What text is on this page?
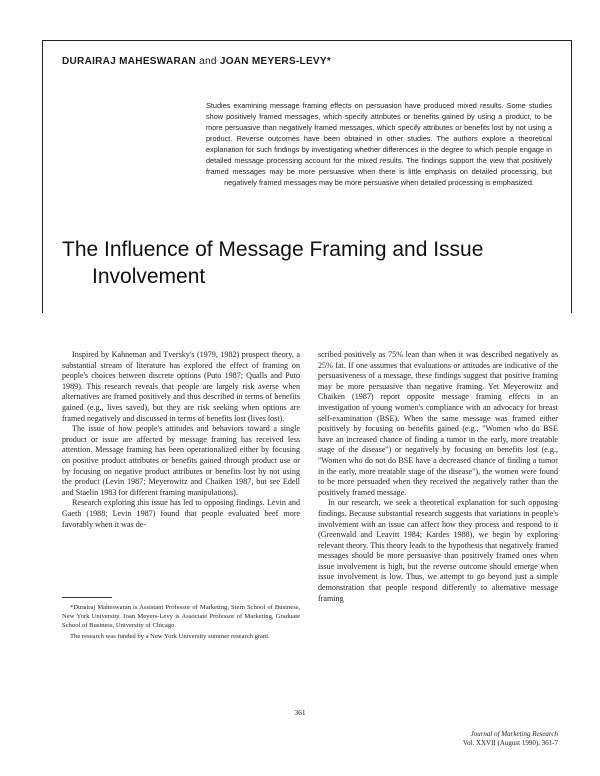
DURAIRAJ MAHESWARAN and JOAN MEYERS-LEVY*
Studies examining message framing effects on persuasion have produced mixed results. Some studies show positively framed messages, which specify attributes or benefits gained by using a product, to be more persuasive than negatively framed messages, which specify attributes or benefits lost by not using a product. Reverse outcomes have been obtained in other studies. The authors explore a theoretical explanation for such findings by investigating whether differences in the degree to which people engage in detailed message processing account for the mixed results. The findings support the view that positively framed messages may be more persuasive when there is little emphasis on detailed processing, but negatively framed messages may be more persuasive when detailed processing is emphasized.
The Influence of Message Framing and Issue
Involvement

Inspired by Kahneman and Tversky's (1979, 1982) prospect theory, a substantial stream of literature has explored the effect of framing on people's choices between discrete options (Puto 1987; Qualls and Puto 1989). This research reveals that people are largely risk averse when alternatives are framed positively and thus described in terms of benefits gained (e.g., lives saved), but they are risk seeking when options are framed negatively and discussed in terms of benefits lost (lives lost).

The issue of how people's attitudes and behaviors toward a single product or issue are affected by message framing has received less attention. Message framing has been operationalized either by focusing on positive product attributes or benefits gained through product use or by focusing on negative product attributes or benefits lost by not using the product (Levin 1987; Meyerowitz and Chaiken 1987, but see Edell and Staelin 1983 for different framing manipulations).

Research exploring this issue has led to opposing findings. Levin and Gaeth (1988; Levin 1987) found that people evaluated beef more favorably when it was de-

scribed positively as 75% lean than when it was described negatively as 25% fat. If one assumes that evaluations or attitudes are indicative of the persuasiveness of a message, these findings suggest that positive framing may be more persuasive than negative framing. Yet Meyerowitz and Chaiken (1987) report opposite message framing effects in an investigation of young women's compliance with an advocacy for breast self-examination (BSE). When the same message was framed either positively by focusing on benefits gained (e.g., "Women who do BSE have an increased chance of finding a tumor in the early, more treatable stage of the disease") or negatively by focusing on benefits lost (e.g., "Women who do not do BSE have a decreased chance of finding a tumor in the early, more treatable stage of the disease"), the women were found to be more persuaded when they received the negatively rather than the positively framed message.

In our research, we seek a theoretical explanation for such opposing findings. Because substantial research suggests that variations in people's involvement with an issue can affect how they process and respond to it (Greenwald and Leavitt 1984; Kardes 1988), we begin by exploring relevant theory. This theory leads to the hypothesis that negatively framed messages should be more persuasive than positively framed ones when issue involvement is high, but the reverse outcome should emerge when issue involvement is low. Thus, we attempt to go beyond just a simple demonstration that people respond differently to alternative message framing

*Durairaj Maheswaran is Assistant Professor of Marketing, Stern School of Business, New York University. Joan Meyers-Levy is Associate Professor of Marketing, Graduate School of Business, University of Chicago.

The research was funded by a New York University summer research grant.

361
Journal of Marketing Research
Vol. XXVII (August 1990), 361-7
